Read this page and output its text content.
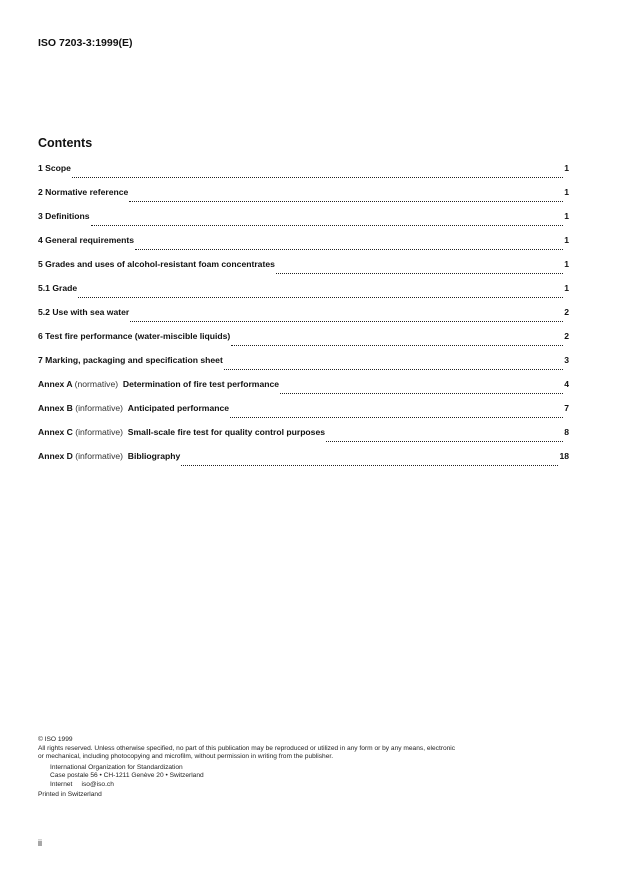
ISO 7203-3:1999(E)
Contents
1 Scope	1
2 Normative reference	1
3 Definitions	1
4 General requirements	1
5 Grades and uses of alcohol-resistant foam concentrates	1
5.1 Grade	1
5.2 Use with sea water	2
6 Test fire performance (water-miscible liquids)	2
7 Marking, packaging and specification sheet	3
Annex A (normative) Determination of fire test performance	4
Annex B (informative) Anticipated performance	7
Annex C (informative) Small-scale fire test for quality control purposes	8
Annex D (informative) Bibliography	18
© ISO 1999
All rights reserved. Unless otherwise specified, no part of this publication may be reproduced or utilized in any form or by any means, electronic
or mechanical, including photocopying and microfilm, without permission in writing from the publisher.
International Organization for Standardization
Case postale 56 • CH-1211 Genève 20 • Switzerland
Internet     iso@iso.ch
Printed in Switzerland
ii
